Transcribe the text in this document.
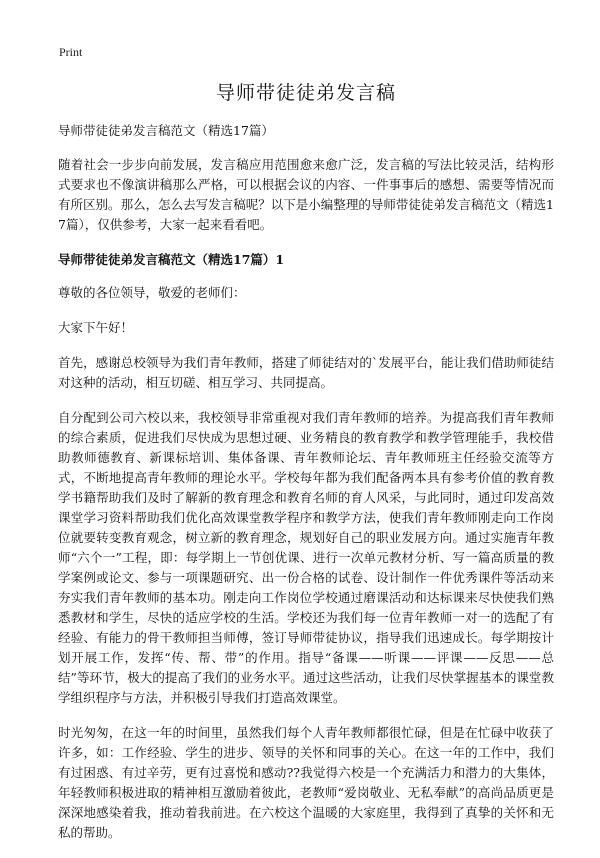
Print
导师带徒徒弟发言稿
导师带徒徒弟发言稿范文（精选17篇）

随着社会一步步向前发展，发言稿应用范围愈来愈广泛，发言稿的写法比较灵活，结构形式要求也不像演讲稿那么严格，可以根据会议的内容、一件事事后的感想、需要等情况而有所区别。那么，怎么去写发言稿呢？以下是小编整理的导师带徒徒弟发言稿范文（精选17篇），仅供参考，大家一起来看看吧。

导师带徒徒弟发言稿范文（精选17篇）1

尊敬的各位领导，敬爱的老师们：

大家下午好！

首先，感谢总校领导为我们青年教师，搭建了师徒结对的`发展平台，能让我们借助师徒结对这种的活动，相互切磋、相互学习、共同提高。

自分配到公司六校以来，我校领导非常重视对我们青年教师的培养。为提高我们青年教师的综合素质，促进我们尽快成为思想过硬、业务精良的教育教学和教学管理能手，我校借助教师德教育、新课标培训、集体备课、青年教师论坛、青年教师班主任经验交流等方式，不断地提高青年教师的理论水平。学校每年都为我们配备两本具有参考价值的教育教学书籍帮助我们及时了解新的教育理念和教育名师的育人风采，与此同时，通过印发高效课堂学习资料帮助我们优化高效课堂教学程序和教学方法，使我们青年教师刚走向工作岗位就要转变教育观念，树立新的教育理念，规划好自己的职业发展方向。通过实施青年教师“六个一”工程，即：每学期上一节创优课、进行一次单元教材分析、写一篇高质量的教学案例或论文、参与一项课题研究、出一份合格的试卷、设计制作一件优秀课件等活动来夯实我们青年教师的基本功。刚走向工作岗位学校通过磨课活动和达标课来尽快使我们熟悉教材和学生，尽快的适应学校的生活。学校还为我们每一位青年教师一对一的选配了有经验、有能力的骨干教师担当师傅，签订导师带徒协议，指导我们迅速成长。每学期按计划开展工作，发挥“传、帮、带”的作用。指导“备课——听课——评课——反思——总结”等环节，极大的提高了我们的业务水平。通过这些活动，让我们尽快掌握基本的课堂教学组织程序与方法，并积极引导我们打造高效课堂。

时光匆匆，在这一年的时间里，虽然我们每个人青年教师都很忙碌，但是在忙碌中收获了许多，如：工作经验、学生的进步、领导的关怀和同事的关心。在这一年的工作中，我们有过困惑、有过辛劳，更有过喜悦和感动??我觉得六校是一个充满活力和潜力的大集体，年轻教师积极进取的精神相互激励着彼此，老教师“爱岗敬业、无私奉献”的高尚品质更是深深地感染着我，推动着我前进。在六校这个温暖的大家庭里，我得到了真挚的关怀和无私的帮助。
